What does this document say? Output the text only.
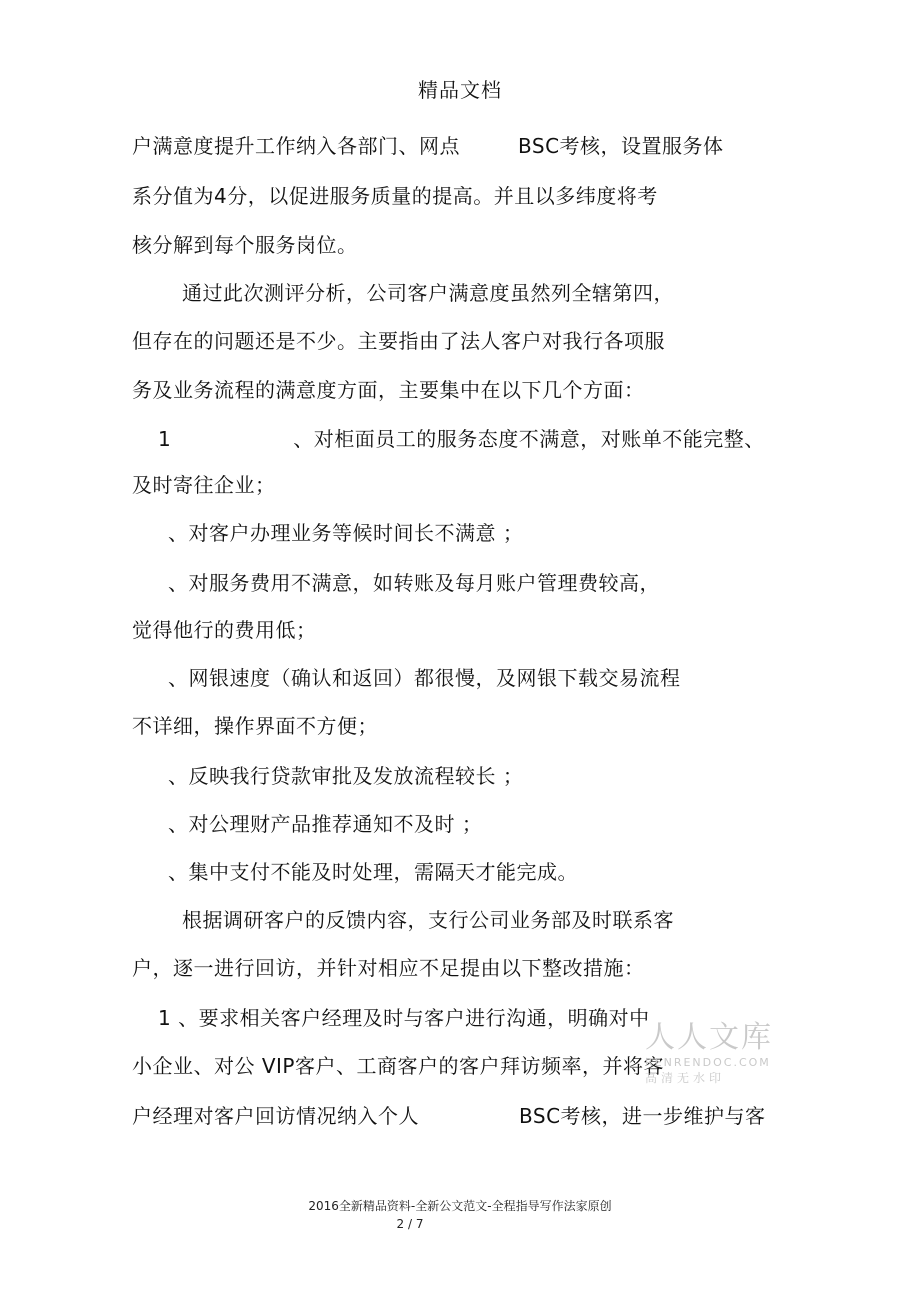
精品文档
户满意度提升工作纳入各部门、网点	BSC考核，设置服务体
系分值为4分，以促进服务质量的提高。并且以多纬度将考
核分解到每个服务岗位。
通过此次测评分析，公司客户满意度虽然列全辖第四，
但存在的问题还是不少。主要指由了法人客户对我行各项服
务及业务流程的满意度方面，主要集中在以下几个方面：
1	、对柜面员工的服务态度不满意，对账单不能完整、
及时寄往企业；
、对客户办理业务等候时间长不满意 ；
、对服务费用不满意，如转账及每月账户管理费较高，
觉得他行的费用低；
、网银速度（确认和返回）都很慢，及网银下载交易流程
不详细，操作界面不方便；
、反映我行贷款审批及发放流程较长 ；
、对公理财产品推荐通知不及时 ；
、集中支付不能及时处理，需隔天才能完成。
根据调研客户的反馈内容，支行公司业务部及时联系客
户，逐一进行回访，并针对相应不足提由以下整改措施：
1 、要求相关客户经理及时与客户进行沟通，明确对中
小企业、对公 VIP客户、工商客户的客户拜访频率，并将客
户经理对客户回访情况纳入个人	BSC考核，进一步维护与客
人人文库
RENRENDOC.COM
高清无水印
2016全新精品资料-全新公文范文-全程指导写作法家原创
2 / 7
